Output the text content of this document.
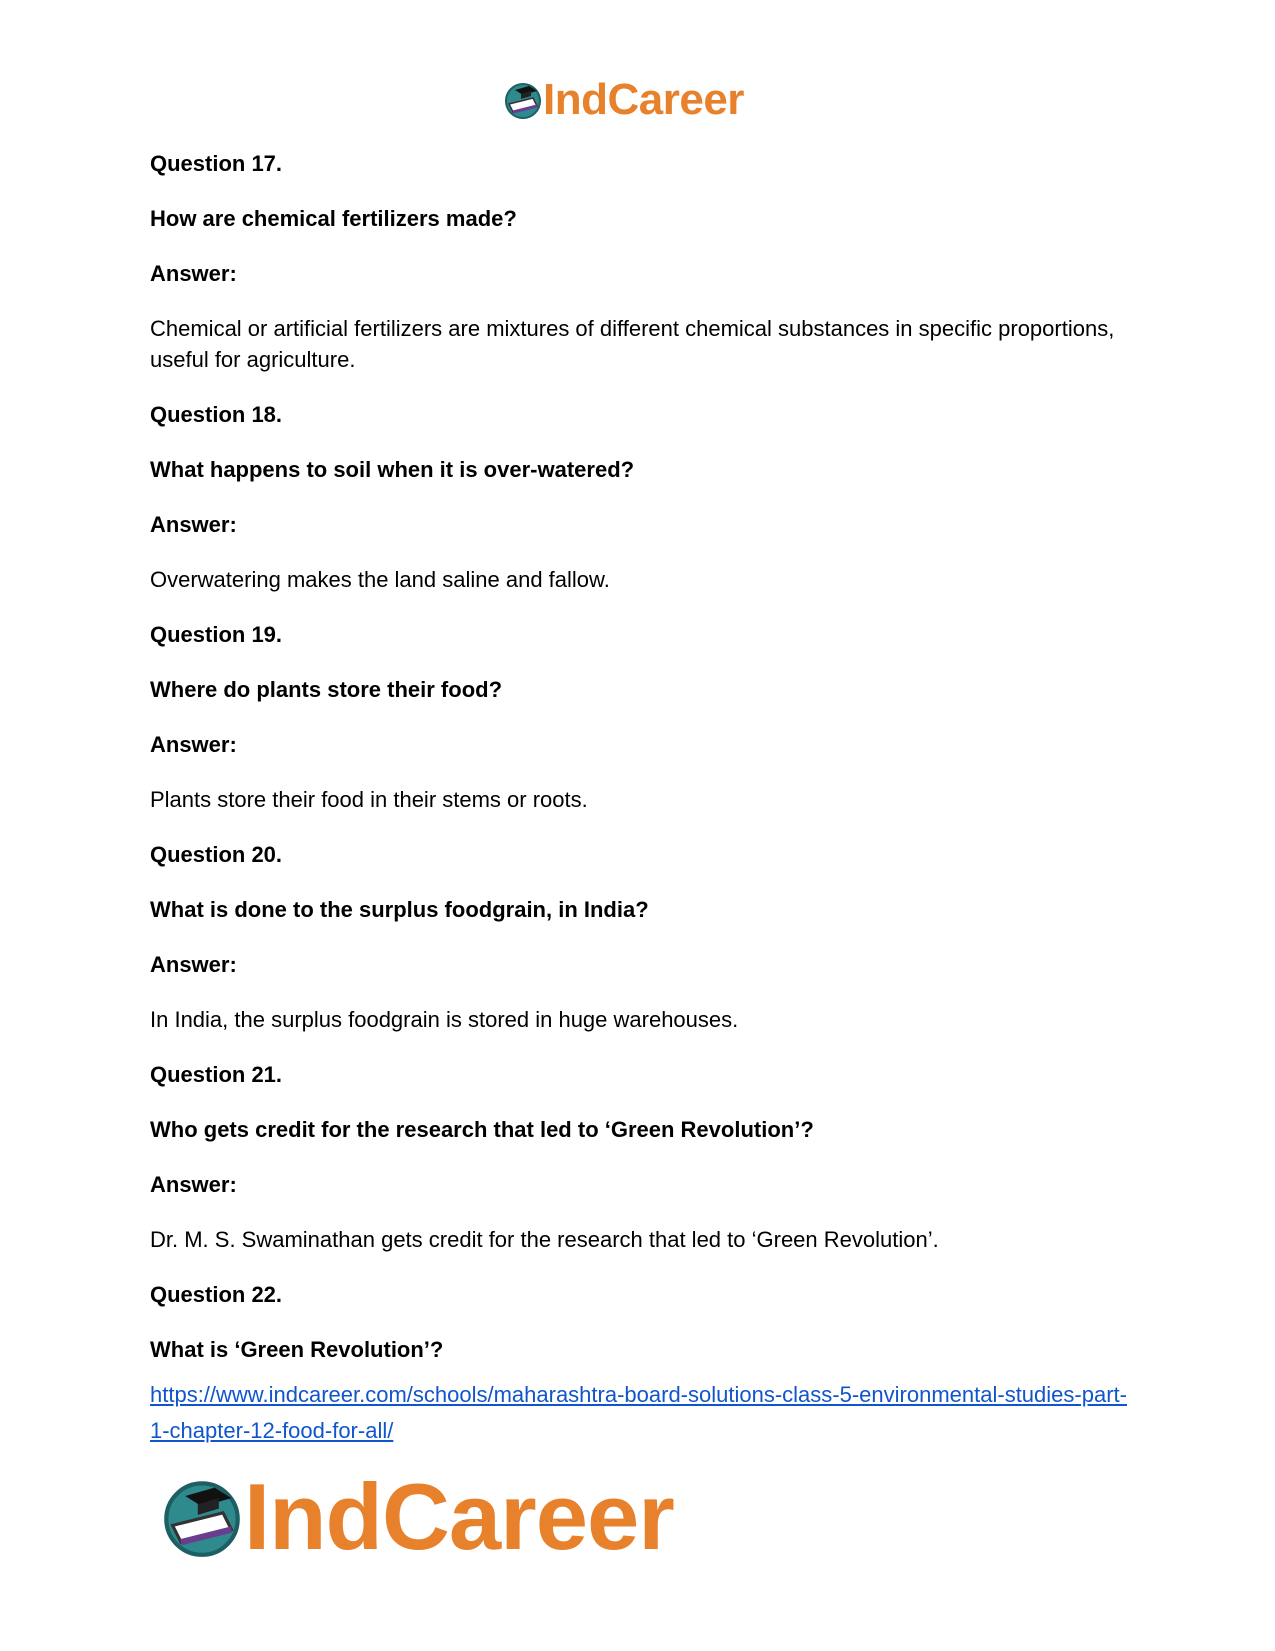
IndCareer

Question 17.

How are chemical fertilizers made?

Answer:

Chemical or artificial fertilizers are mixtures of different chemical substances in specific proportions, useful for agriculture.

Question 18.

What happens to soil when it is over-watered?

Answer:

Overwatering makes the land saline and fallow.

Question 19.

Where do plants store their food?

Answer:

Plants store their food in their stems or roots.

Question 20.

What is done to the surplus foodgrain, in India?

Answer:

In India, the surplus foodgrain is stored in huge warehouses.

Question 21.

Who gets credit for the research that led to ‘Green Revolution’?

Answer:

Dr. M. S. Swaminathan gets credit for the research that led to ‘Green Revolution’.

Question 22.

What is ‘Green Revolution’?

https://www.indcareer.com/schools/maharashtra-board-solutions-class-5-environmental-studies-part-1-chapter-12-food-for-all/

IndCareer
